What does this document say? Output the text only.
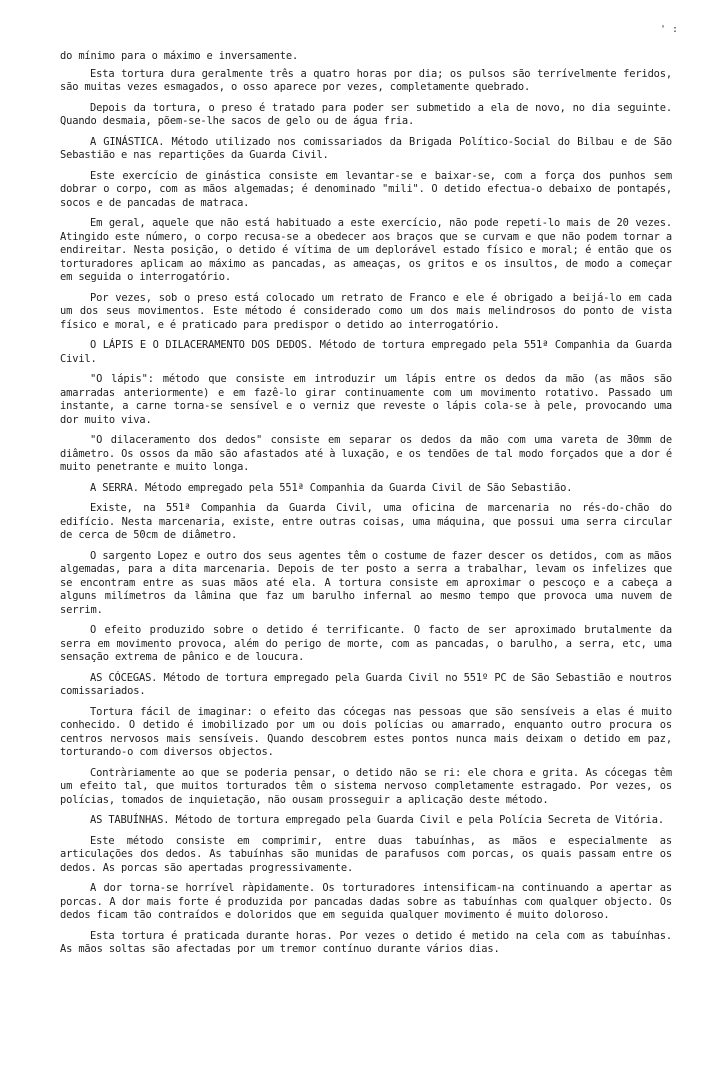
' :

do mínimo para o máximo e inversamente.

Esta tortura dura geralmente três a quatro horas por dia; os pulsos são terrívelmente feridos, são muitas vezes esmagados, o osso aparece por vezes, completamente quebrado.

Depois da tortura, o preso é tratado para poder ser submetido a ela de novo, no dia seguinte. Quando desmaia, põem-se-lhe sacos de gelo ou de água fria.

A GINÁSTICA. Método utilizado nos comissariados da Brigada Político-Social do Bilbau e de São Sebastião e nas repartições da Guarda Civil.

Este exercício de ginástica consiste em levantar-se e baixar-se, com a força dos punhos sem dobrar o corpo, com as mãos algemadas; é denominado "mili". O detido efectua-o debaixo de pontapés, socos e de pancadas de matraca.

Em geral, aquele que não está habituado a este exercício, não pode repeti-lo mais de 20 vezes. Atingido este número, o corpo recusa-se a obedecer aos braços que se curvam e que não podem tornar a endireitar. Nesta posição, o detido é vítima de um deplorável estado físico e moral; é então que os torturadores aplicam ao máximo as pancadas, as ameaças, os gritos e os insultos, de modo a começar em seguida o interrogatório.

Por vezes, sob o preso está colocado um retrato de Franco e ele é obrigado a beijá-lo em cada um dos seus movimentos. Este método é considerado como um dos mais melindrosos do ponto de vista físico e moral, e é praticado para predispor o detido ao interrogatório.

O LÁPIS E O DILACERAMENTO DOS DEDOS. Método de tortura empregado pela 551ª Companhia da Guarda Civil.

"O lápis": método que consiste em introduzir um lápis entre os dedos da mão (as mãos são amarradas anteriormente) e em fazê-lo girar continuamente com um movimento rotativo. Passado um instante, a carne torna-se sensível e o verniz que reveste o lápis cola-se à pele, provocando uma dor muito viva.

"O dilaceramento dos dedos" consiste em separar os dedos da mão com uma vareta de 30mm de diâmetro. Os ossos da mão são afastados até à luxação, e os tendões de tal modo forçados que a dor é muito penetrante e muito longa.

A SERRA. Método empregado pela 551ª Companhia da Guarda Civil de São Sebastião.

Existe, na 551ª Companhia da Guarda Civil, uma oficina de marcenaria no rés-do-chão do edifício. Nesta marcenaria, existe, entre outras coisas, uma máquina, que possui uma serra circular de cerca de 50cm de diâmetro.

O sargento Lopez e outro dos seus agentes têm o costume de fazer descer os detidos, com as mãos algemadas, para a dita marcenaria. Depois de ter posto a serra a trabalhar, levam os infelizes que se encontram entre as suas mãos até ela. A tortura consiste em aproximar o pescoço e a cabeça a alguns milímetros da lâmina que faz um barulho infernal ao mesmo tempo que provoca uma nuvem de serrim.

O efeito produzido sobre o detido é terrificante. O facto de ser aproximado brutalmente da serra em movimento provoca, além do perigo de morte, com as pancadas, o barulho, a serra, etc, uma sensação extrema de pânico e de loucura.

AS CÓCEGAS. Método de tortura empregado pela Guarda Civil no 551º PC de São Sebastião e noutros comissariados.

Tortura fácil de imaginar: o efeito das cócegas nas pessoas que são sensíveis a elas é muito conhecido. O detido é imobilizado por um ou dois polícias ou amarrado, enquanto outro procura os centros nervosos mais sensíveis. Quando descobrem estes pontos nunca mais deixam o detido em paz, torturando-o com diversos objectos.

Contràriamente ao que se poderia pensar, o detido não se ri: ele chora e grita. As cócegas têm um efeito tal, que muitos torturados têm o sistema nervoso completamente estragado. Por vezes, os polícias, tomados de inquietação, não ousam prosseguir a aplicação deste método.

AS TABUÍNHAS. Método de tortura empregado pela Guarda Civil e pela Polícia Secreta de Vitória.

Este método consiste em comprimir, entre duas tabuínhas, as mãos e especialmente as articulações dos dedos. As tabuínhas são munidas de parafusos com porcas, os quais passam entre os dedos. As porcas são apertadas progressivamente.

A dor torna-se horrível ràpidamente. Os torturadores intensificam-na continuando a apertar as porcas. A dor mais forte é produzida por pancadas dadas sobre as tabuínhas com qualquer objecto. Os dedos ficam tão contraídos e doloridos que em seguida qualquer movimento é muito doloroso.

Esta tortura é praticada durante horas. Por vezes o detido é metido na cela com as tabuínhas. As mãos soltas são afectadas por um tremor contínuo durante vários dias.
